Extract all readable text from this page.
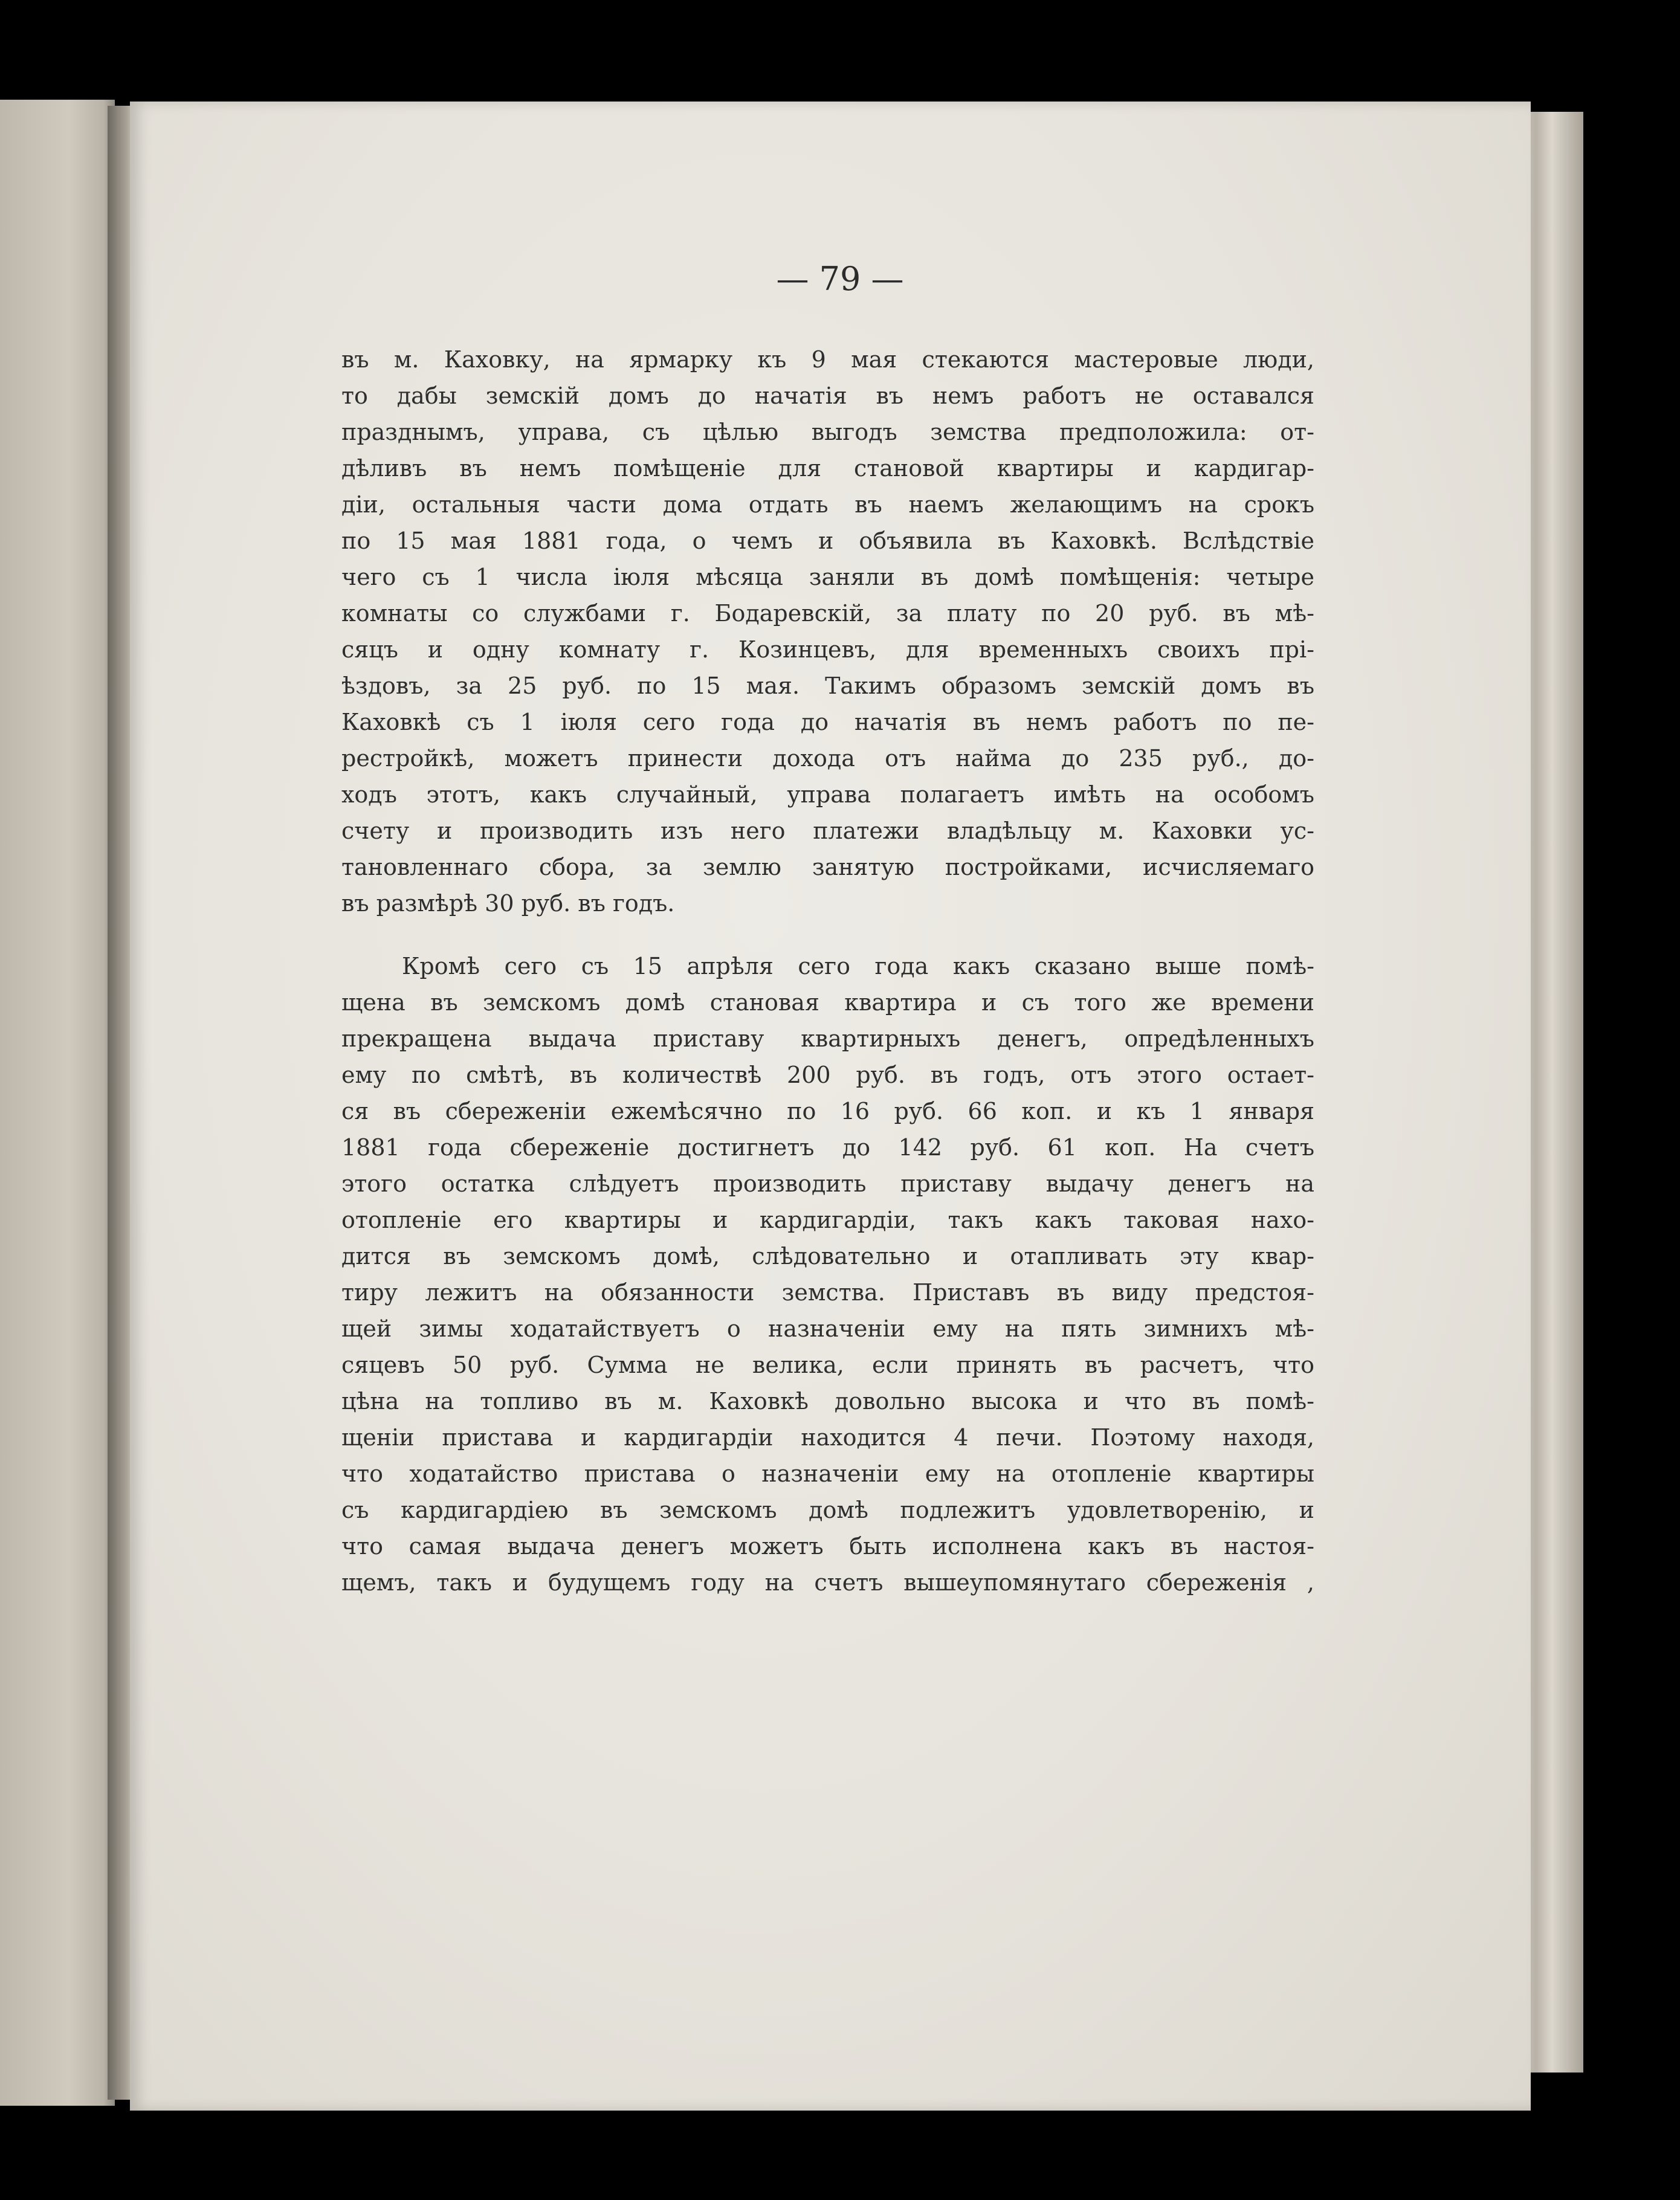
— 79 —
въ м. Каховку, на ярмарку къ 9 мая стекаются мастеровые люди,
то дабы земскій домъ до начатія въ немъ работъ не оставался
празднымъ, управа, съ цѣлью выгодъ земства предположила: от-
дѣливъ въ немъ помѣщеніе для становой квартиры и кардигар-
діи, остальныя части дома отдать въ наемъ желающимъ на срокъ
по 15 мая 1881 года, о чемъ и объявила въ Каховкѣ. Вслѣдствіе
чего съ 1 числа іюля мѣсяца заняли въ домѣ помѣщенія: четыре
комнаты со службами г. Бодаревскій, за плату по 20 руб. въ мѣ-
сяцъ и одну комнату г. Козинцевъ, для временныхъ своихъ прі-
ѣздовъ, за 25 руб. по 15 мая. Такимъ образомъ земскій домъ въ
Каховкѣ съ 1 іюля сего года до начатія въ немъ работъ по пе-
рестройкѣ, можетъ принести дохода отъ найма до 235 руб., до-
ходъ этотъ, какъ случайный, управа полагаетъ имѣть на особомъ
счету и производить изъ него платежи владѣльцу м. Каховки ус-
тановленнаго сбора, за землю занятую постройками, исчисляемаго
въ размѣрѣ 30 руб. въ годъ.
Кромѣ сего съ 15 апрѣля сего года какъ сказано выше помѣ-
щена въ земскомъ домѣ становая квартира и съ того же времени
прекращена выдача приставу квартирныхъ денегъ, опредѣленныхъ
ему по смѣтѣ, въ количествѣ 200 руб. въ годъ, отъ этого остает-
ся въ сбереженіи ежемѣсячно по 16 руб. 66 коп. и къ 1 января
1881 года сбереженіе достигнетъ до 142 руб. 61 коп. На счетъ
этого остатка слѣдуетъ производить приставу выдачу денегъ на
отопленіе его квартиры и кардигардіи, такъ какъ таковая нахо-
дится въ земскомъ домѣ, слѣдовательно и отапливать эту квар-
тиру лежитъ на обязанности земства. Приставъ въ виду предстоя-
щей зимы ходатайствуетъ о назначеніи ему на пять зимнихъ мѣ-
сяцевъ 50 руб. Сумма не велика, если принять въ расчетъ, что
цѣна на топливо въ м. Каховкѣ довольно высока и что въ помѣ-
щеніи пристава и кардигардіи находится 4 печи. Поэтому находя,
что ходатайство пристава о назначеніи ему на отопленіе квартиры
съ кардигардіею въ земскомъ домѣ подлежитъ удовлетворенію, и
что самая выдача денегъ можетъ быть исполнена какъ въ настоя-
щемъ, такъ и будущемъ году на счетъ вышеупомянутаго сбереженія ,
